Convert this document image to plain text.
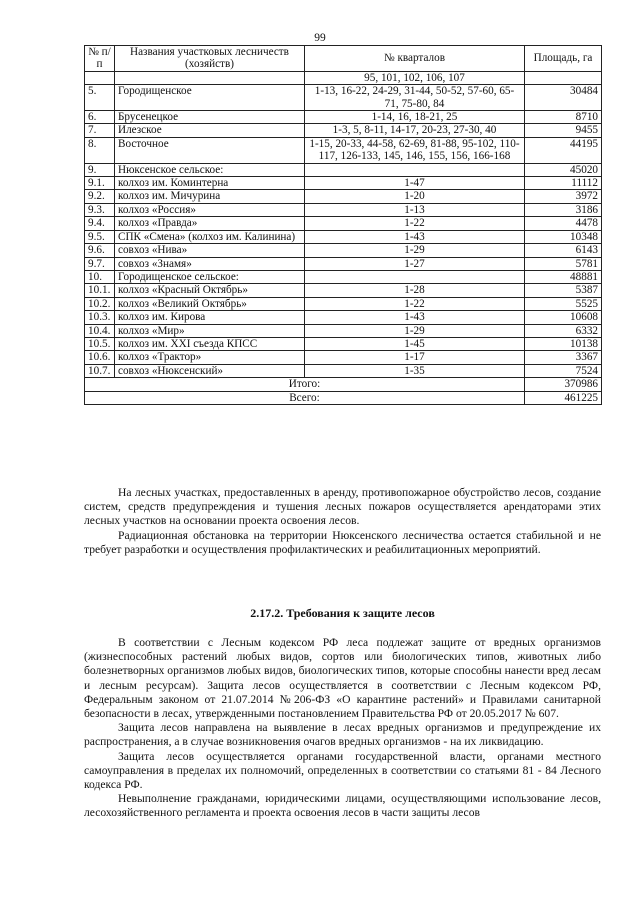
99
№ п/п	Названия участковых лесничеств (хозяйств)	№ кварталов	Площадь, га
		95, 101, 102, 106, 107	
5.	Городищенское	1-13, 16-22, 24-29, 31-44, 50-52, 57-60, 65-71, 75-80, 84	30484
6.	Брусенецкое	1-14, 16, 18-21, 25	8710
7.	Илезское	1-3, 5, 8-11, 14-17, 20-23, 27-30, 40	9455
8.	Восточное	1-15, 20-33, 44-58, 62-69, 81-88, 95-102, 110-117, 126-133, 145, 146, 155, 156, 166-168	44195
9.	Нюксенское сельское:		45020
9.1.	колхоз им. Коминтерна	1-47	11112
9.2.	колхоз им. Мичурина	1-20	3972
9.3.	колхоз «Россия»	1-13	3186
9.4.	колхоз «Правда»	1-22	4478
9.5.	СПК «Смена» (колхоз им. Калинина)	1-43	10348
9.6.	совхоз «Нива»	1-29	6143
9.7.	совхоз «Знамя»	1-27	5781
10.	Городищенское сельское:		48881
10.1.	колхоз «Красный Октябрь»	1-28	5387
10.2.	колхоз «Великий Октябрь»	1-22	5525
10.3.	колхоз им. Кирова	1-43	10608
10.4.	колхоз «Мир»	1-29	6332
10.5.	колхоз им. XXI съезда КПСС	1-45	10138
10.6.	колхоз «Трактор»	1-17	3367
10.7.	совхоз «Нюксенский»	1-35	7524
Итого:			370986
Всего:			461225

На лесных участках, предоставленных в аренду, противопожарное обустройство лесов, создание систем, средств предупреждения и тушения лесных пожаров осуществляется арендаторами этих лесных участков на основании проекта освоения лесов.

Радиационная обстановка на территории Нюксенского лесничества остается стабильной и не требует разработки и осуществления профилактических и реабилитационных мероприятий.

2.17.2. Требования к защите лесов

В соответствии с Лесным кодексом РФ леса подлежат защите от вредных организмов (жизнеспособных растений любых видов, сортов или биологических типов, животных либо болезнетворных организмов любых видов, биологических типов, которые способны нанести вред лесам и лесным ресурсам). Защита лесов осуществляется в соответствии с Лесным кодексом РФ, Федеральным законом от 21.07.2014 №206-ФЗ «О карантине растений» и Правилами санитарной безопасности в лесах, утвержденными постановлением Правительства РФ от 20.05.2017 № 607.

Защита лесов направлена на выявление в лесах вредных организмов и предупреждение их распространения, а в случае возникновения очагов вредных организмов - на их ликвидацию.

Защита лесов осуществляется органами государственной власти, органами местного самоуправления в пределах их полномочий, определенных в соответствии со статьями 81 - 84 Лесного кодекса РФ.

Невыполнение гражданами, юридическими лицами, осуществляющими использование лесов, лесохозяйственного регламента и проекта освоения лесов в части защиты лесов
